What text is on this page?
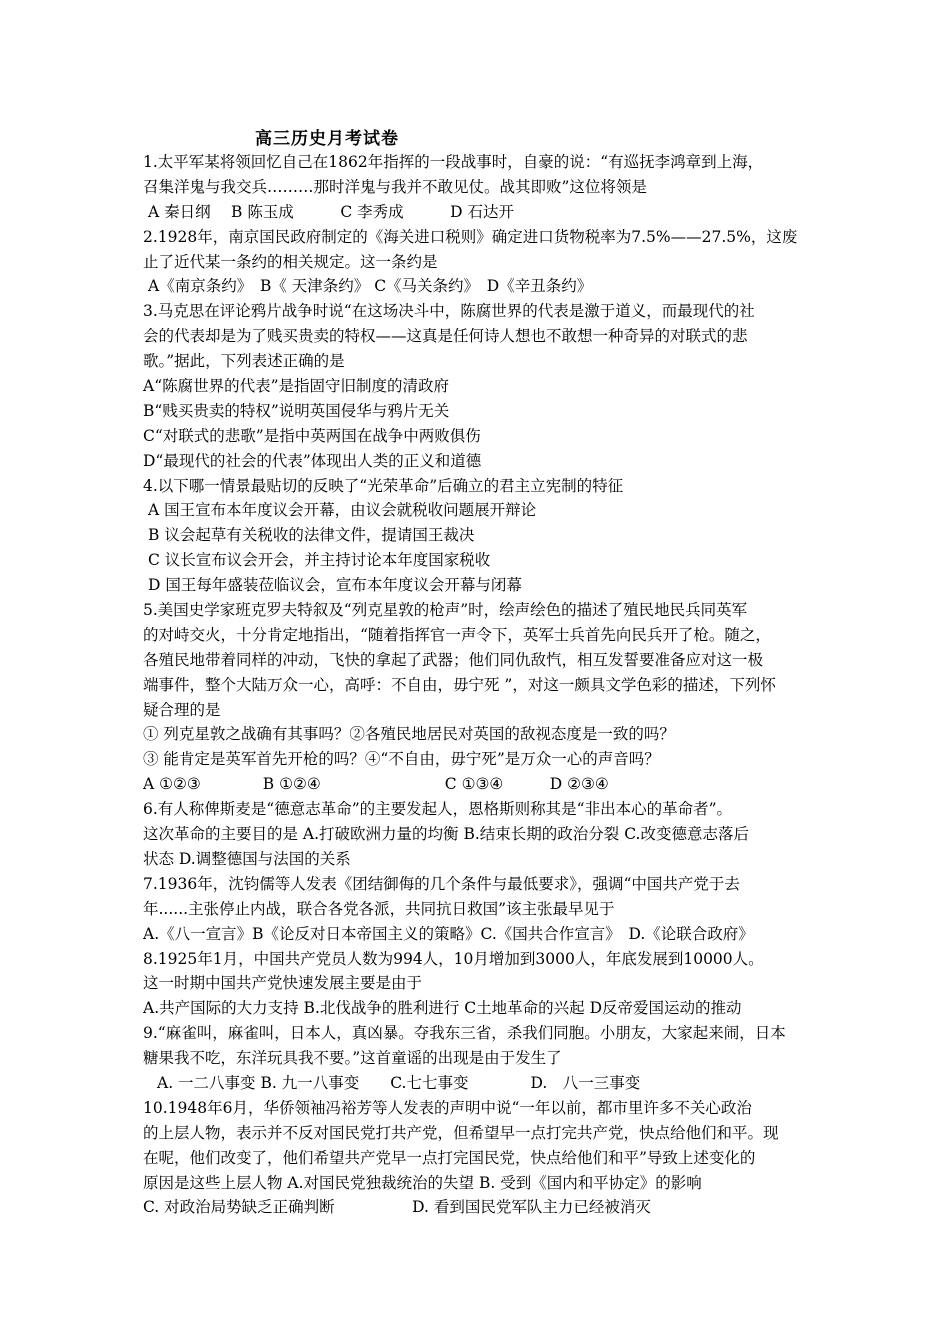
高三历史月考试卷
1.太平军某将领回忆自己在1862年指挥的一段战事时，自豪的说：“有巡抚李鸿章到上海，
召集洋鬼与我交兵………那时洋鬼与我并不敢见仗。战其即败”这位将领是
A 秦日纲　 B 陈玉成　　　C 李秀成　　　D 石达开
2.1928年，南京国民政府制定的《海关进口税则》确定进口货物税率为7.5%——27.5%，这废
止了近代某一条约的相关规定。这一条约是
A《南京条约》　B《 天津条约》 C《马关条约》　D《辛丑条约》
3.马克思在评论鸦片战争时说“在这场决斗中，陈腐世界的代表是激于道义，而最现代的社
会的代表却是为了贱买贵卖的特权——这真是任何诗人想也不敢想一种奇异的对联式的悲
歌。”据此，下列表述正确的是
A“陈腐世界的代表”是指固守旧制度的清政府
B“贱买贵卖的特权”说明英国侵华与鸦片无关
C“对联式的悲歌”是指中英两国在战争中两败俱伤
D“最现代的社会的代表”体现出人类的正义和道德
4.以下哪一情景最贴切的反映了“光荣革命”后确立的君主立宪制的特征
A 国王宣布本年度议会开幕，由议会就税收问题展开辩论
B 议会起草有关税收的法律文件，提请国王裁决
C 议长宣布议会开会，并主持讨论本年度国家税收
D 国王每年盛装莅临议会，宣布本年度议会开幕与闭幕
5.美国史学家班克罗夫特叙及“列克星敦的枪声”时，绘声绘色的描述了殖民地民兵同英军
的对峙交火，十分肯定地指出，“随着指挥官一声令下，英军士兵首先向民兵开了枪。随之，
各殖民地带着同样的冲动，飞快的拿起了武器；他们同仇敌忾，相互发誓要准备应对这一极
端事件，整个大陆万众一心，高呼：不自由，毋宁死 ”，对这一颇具文学色彩的描述，下列怀
疑合理的是
① 列克星敦之战确有其事吗？②各殖民地居民对英国的敌视态度是一致的吗？
③ 能肯定是英军首先开枪的吗？④“不自由，毋宁死”是万众一心的声音吗？
A ①②③　　　　B ①②④　　　　　　　　C ①③④　　　D ②③④
6.有人称俾斯麦是“德意志革命”的主要发起人，恩格斯则称其是“非出本心的革命者”。
这次革命的主要目的是 A.打破欧洲力量的均衡 B.结束长期的政治分裂 C.改变德意志落后
状态 D.调整德国与法国的关系
7.1936年，沈钧儒等人发表《团结御侮的几个条件与最低要求》，强调“中国共产党于去
年......主张停止内战，联合各党各派，共同抗日救国”该主张最早见于
A.《八一宣言》B《论反对日本帝国主义的策略》C.《国共合作宣言》　D.《论联合政府》
8.1925年1月，中国共产党员人数为994人，10月增加到3000人，年底发展到10000人。
这一时期中国共产党快速发展主要是由于
A.共产国际的大力支持 B.北伐战争的胜利进行 C土地革命的兴起 D反帝爱国运动的推动
9.“麻雀叫，麻雀叫，日本人，真凶暴。夺我东三省，杀我们同胞。小朋友，大家起来闹，日本
糖果我不吃，东洋玩具我不要。”这首童谣的出现是由于发生了
A. 一二八事变 B. 九一八事变　　C.七七事变　　　　D.　八一三事变
10.1948年6月，华侨领袖冯裕芳等人发表的声明中说“一年以前，都市里许多不关心政治
的上层人物，表示并不反对国民党打共产党，但希望早一点打完共产党，快点给他们和平。现
在呢，他们改变了，他们希望共产党早一点打完国民党，快点给他们和平”导致上述变化的
原因是这些上层人物 A.对国民党独裁统治的失望 B. 受到《国内和平协定》的影响
C. 对政治局势缺乏正确判断　　　　　D. 看到国民党军队主力已经被消灭
